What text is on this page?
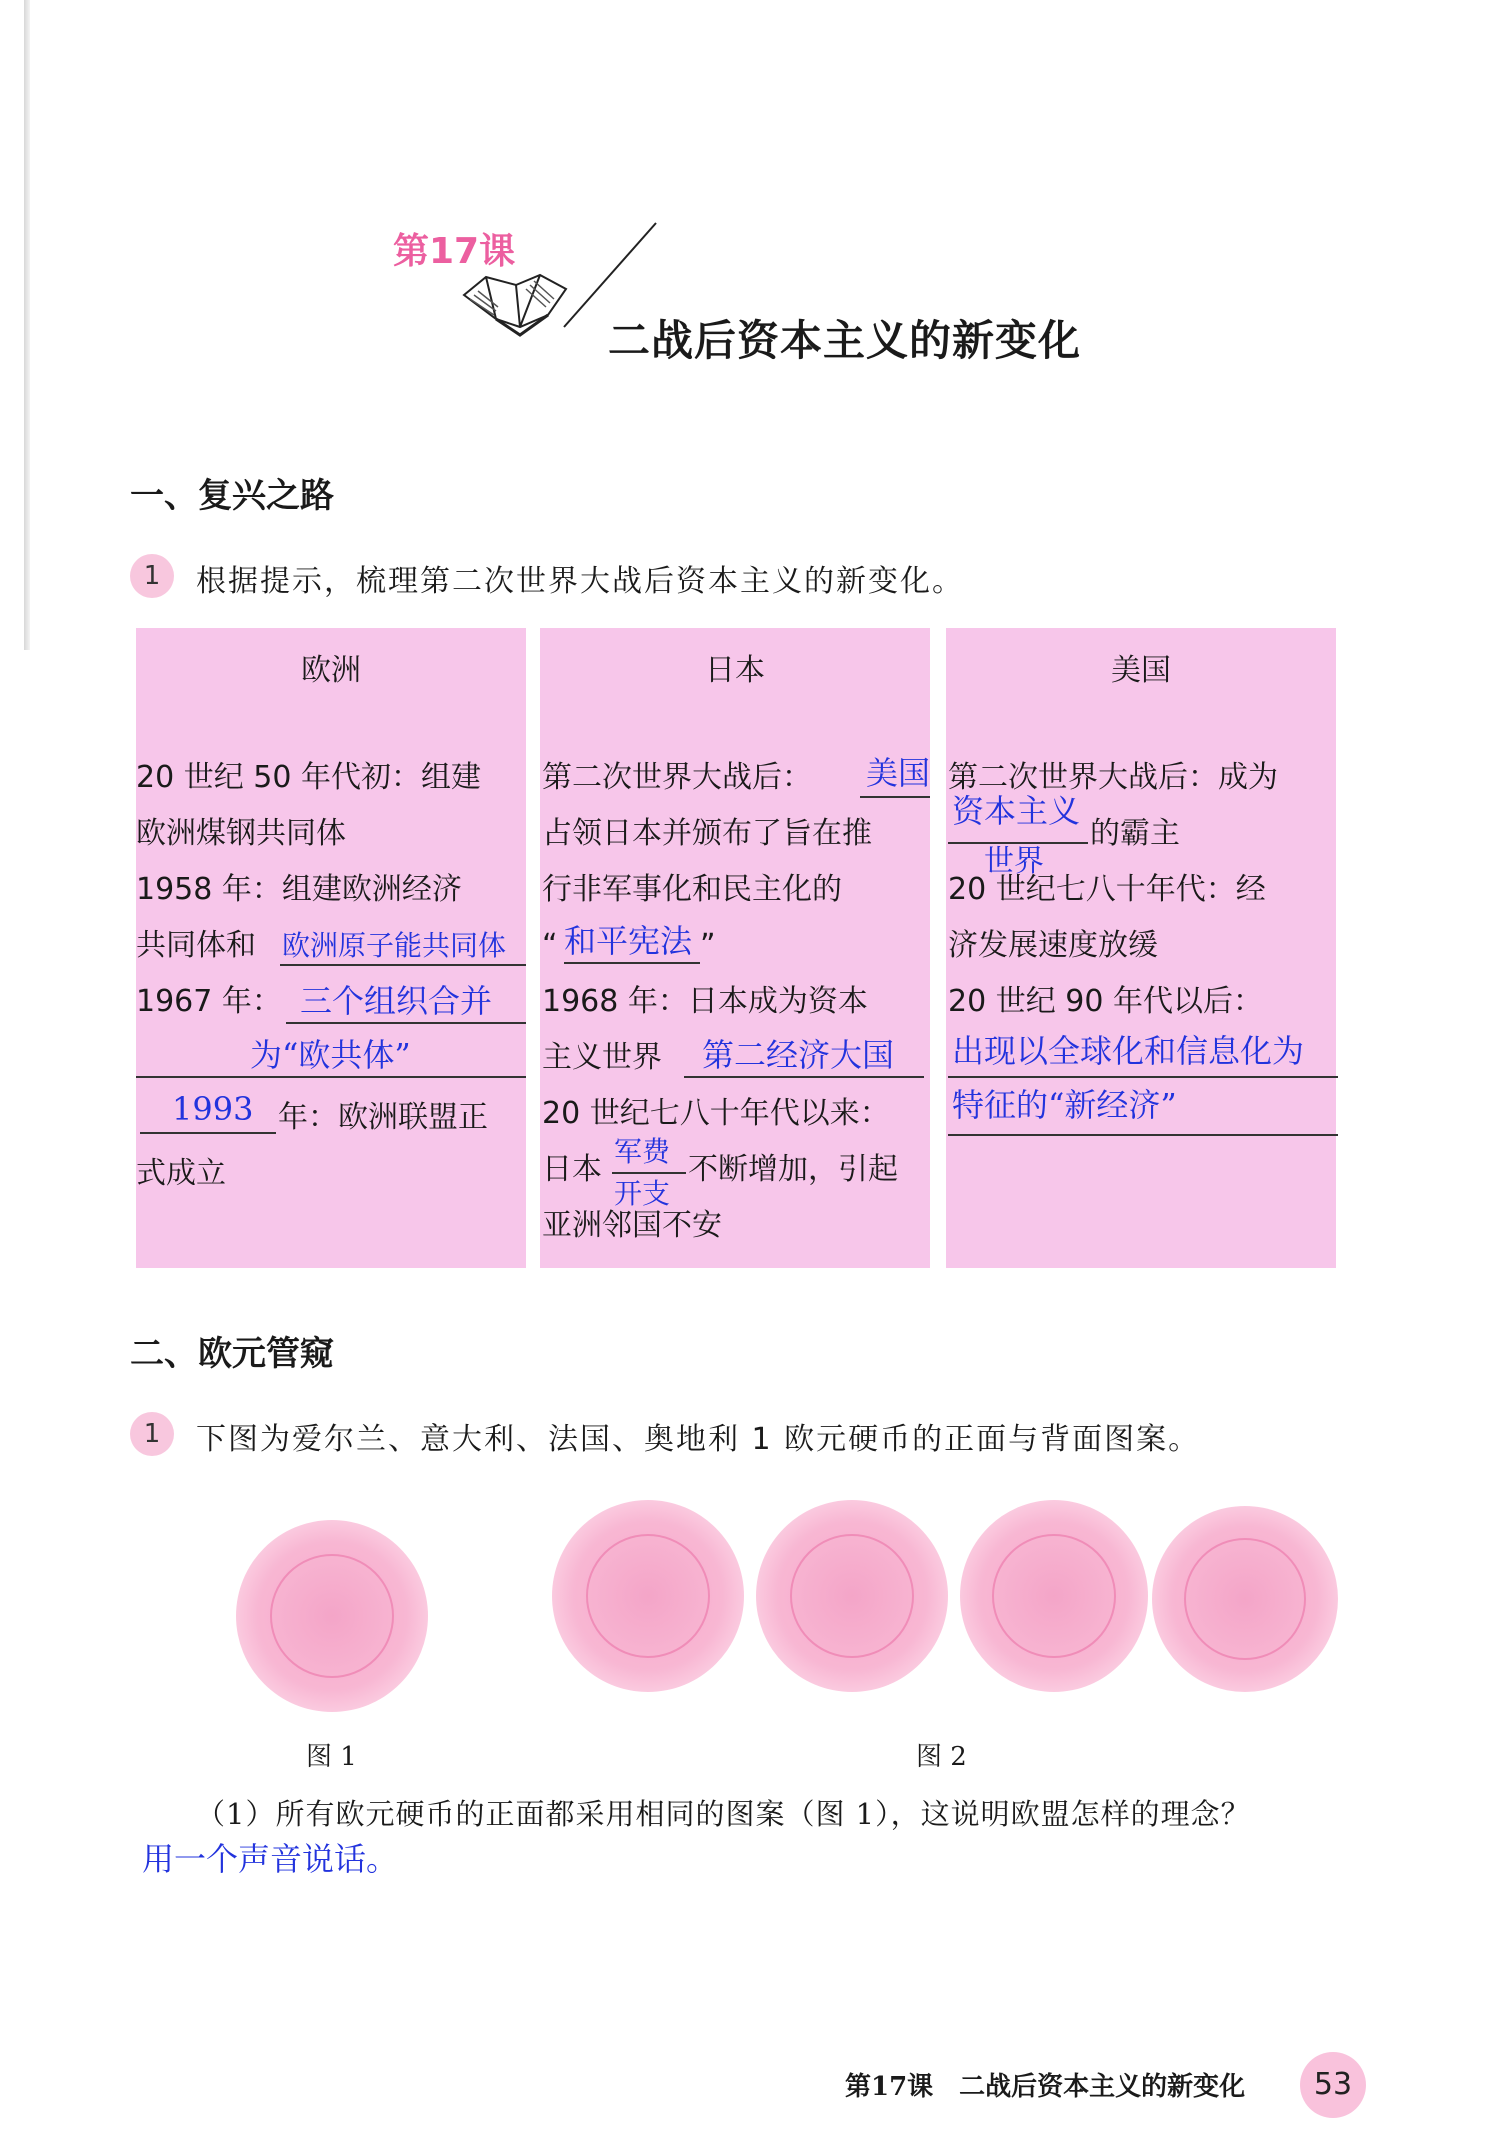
第17课
二战后资本主义的新变化
一、复兴之路
1	根据提示，梳理第二次世界大战后资本主义的新变化。
欧洲	日本	美国
20 世纪 50 年代初：组建
欧洲煤钢共同体
1958 年：组建欧洲经济
共同体和 欧洲原子能共同体
1967 年： 三个组织合并
为“欧共体”
1993 年：欧洲联盟正
式成立
第二次世界大战后： 美国
占领日本并颁布了旨在推
行非军事化和民主化的
“ 和平宪法 ”
1968 年：日本成为资本
主义世界 第二经济大国
20 世纪七八十年代以来：
日本
军费
开支
不断增加，引起
亚洲邻国不安
第二次世界大战后：成为
资本主义
世界
的霸主
20 世纪七八十年代：经
济发展速度放缓
20 世纪 90 年代以后：
出现以全球化和信息化为
特征的“新经济”
二、欧元管窥
1	下图为爱尔兰、意大利、法国、奥地利 1 欧元硬币的正面与背面图案。
图 1	图 2
（1）所有欧元硬币的正面都采用相同的图案（图 1），这说明欧盟怎样的理念？
用一个声音说话。
第17课　二战后资本主义的新变化	53
